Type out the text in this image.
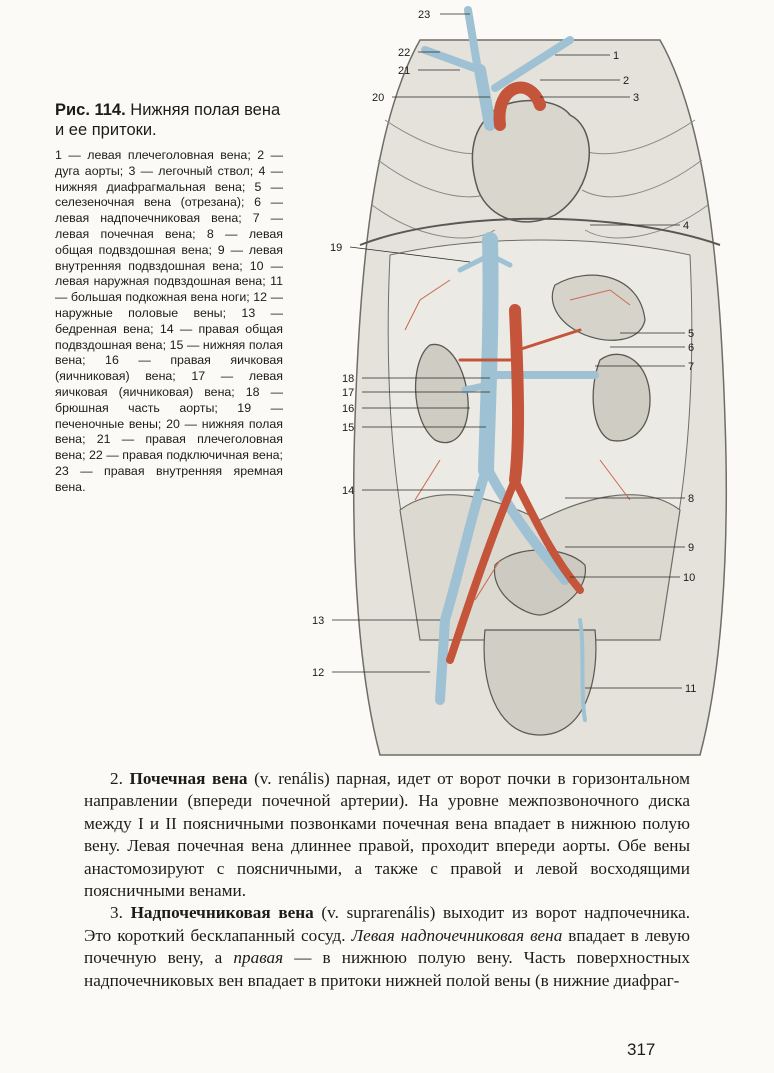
Рис. 114. Нижняя полая вена и ее притоки.

1 — левая плечеголовная вена; 2 — дуга аорты; 3 — легочный ствол; 4 — нижняя диафрагмальная вена; 5 — селезеночная вена (отрезана); 6 — левая надпочечниковая вена; 7 — левая почечная вена; 8 — левая общая подвздошная вена; 9 — левая внутренняя подвздошная вена; 10 — левая наружная подвздошная вена; 11 — большая подкожная вена ноги; 12 — наружные половые вены; 13 — бедренная вена; 14 — правая общая подвздошная вена; 15 — нижняя полая вена; 16 — правая яичковая (яичниковая) вена; 17 — левая яичковая (яичниковая) вена; 18 — брюшная часть аорты; 19 — печеночные вены; 20 — нижняя полая вена; 21 — правая плечеголовная вена; 22 — правая подключичная вена; 23 — правая внутренняя яремная вена.

23
22
21
20
19
18
17
16
15
14
13
12
1
2
3
4
5
6
7
8
9
10
11

2. Почечная вена (v. renális) парная, идет от ворот почки в горизонтальном направлении (впереди почечной артерии). На уровне межпозвоночного диска между I и II поясничными позвонками почечная вена впадает в нижнюю полую вену. Левая почечная вена длиннее правой, проходит впереди аорты. Обе вены анастомозируют с поясничными, а также с правой и левой восходящими поясничными венами.

3. Надпочечниковая вена (v. suprarenális) выходит из ворот надпочечника. Это короткий бесклапанный сосуд. Левая надпочечниковая вена впадает в левую почечную вену, а правая — в нижнюю полую вену. Часть поверхностных надпочечниковых вен впадает в притоки нижней полой вены (в нижние диафраг-

317
